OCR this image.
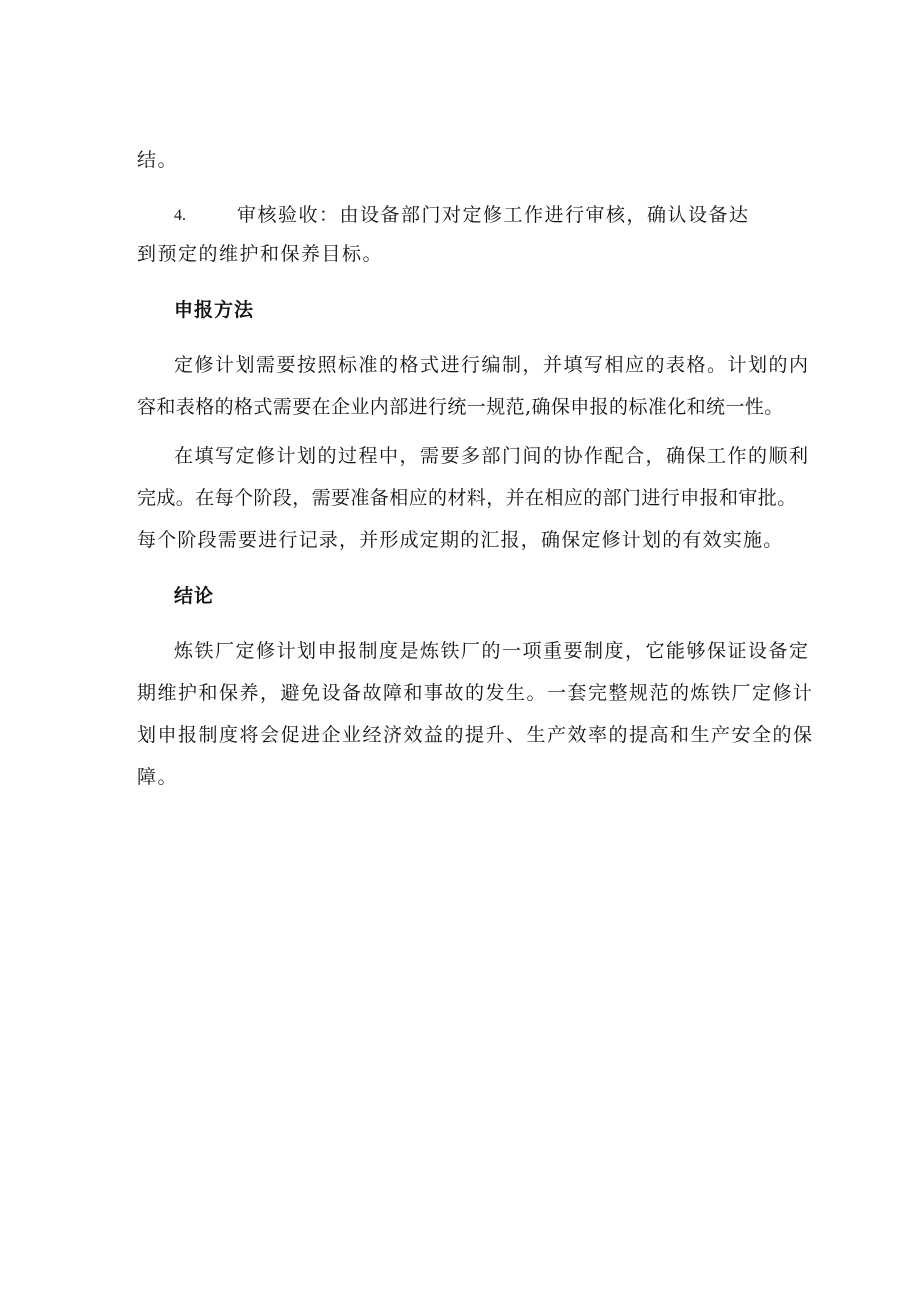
结。
4.	审核验收：由设备部门对定修工作进行审核，确认设备达
到预定的维护和保养目标。
申报方法
定修计划需要按照标准的格式进行编制，并填写相应的表格。计划的内
容和表格的格式需要在企业内部进行统一规范,确保申报的标准化和统一性。
在填写定修计划的过程中，需要多部门间的协作配合，确保工作的顺利
完成。在每个阶段，需要准备相应的材料，并在相应的部门进行申报和审批。
每个阶段需要进行记录，并形成定期的汇报，确保定修计划的有效实施。
结论
炼铁厂定修计划申报制度是炼铁厂的一项重要制度，它能够保证设备定
期维护和保养，避免设备故障和事故的发生。一套完整规范的炼铁厂定修计
划申报制度将会促进企业经济效益的提升、生产效率的提高和生产安全的保
障。
